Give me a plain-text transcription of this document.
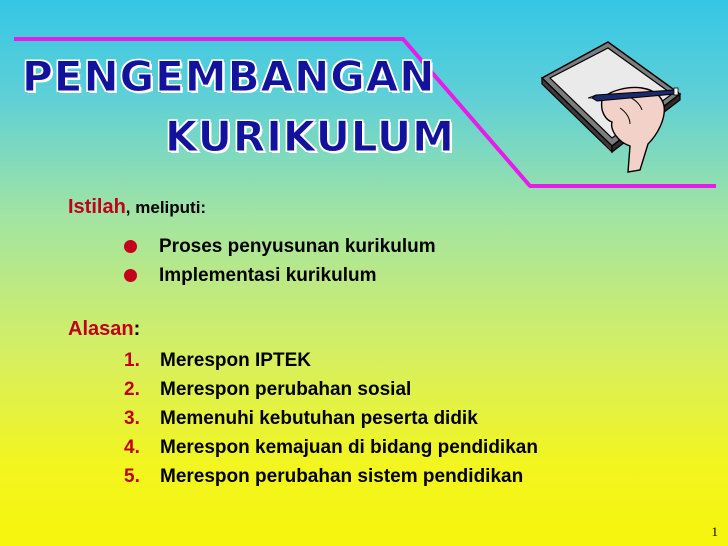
PENGEMBANGAN
KURIKULUM
Istilah, meliputi:
Proses penyusunan kurikulum
Implementasi kurikulum
Alasan:
1.	Merespon IPTEK
2.	Merespon perubahan sosial
3.	Memenuhi kebutuhan peserta didik
4.	Merespon kemajuan di bidang pendidikan
5.	Merespon perubahan sistem pendidikan
1
